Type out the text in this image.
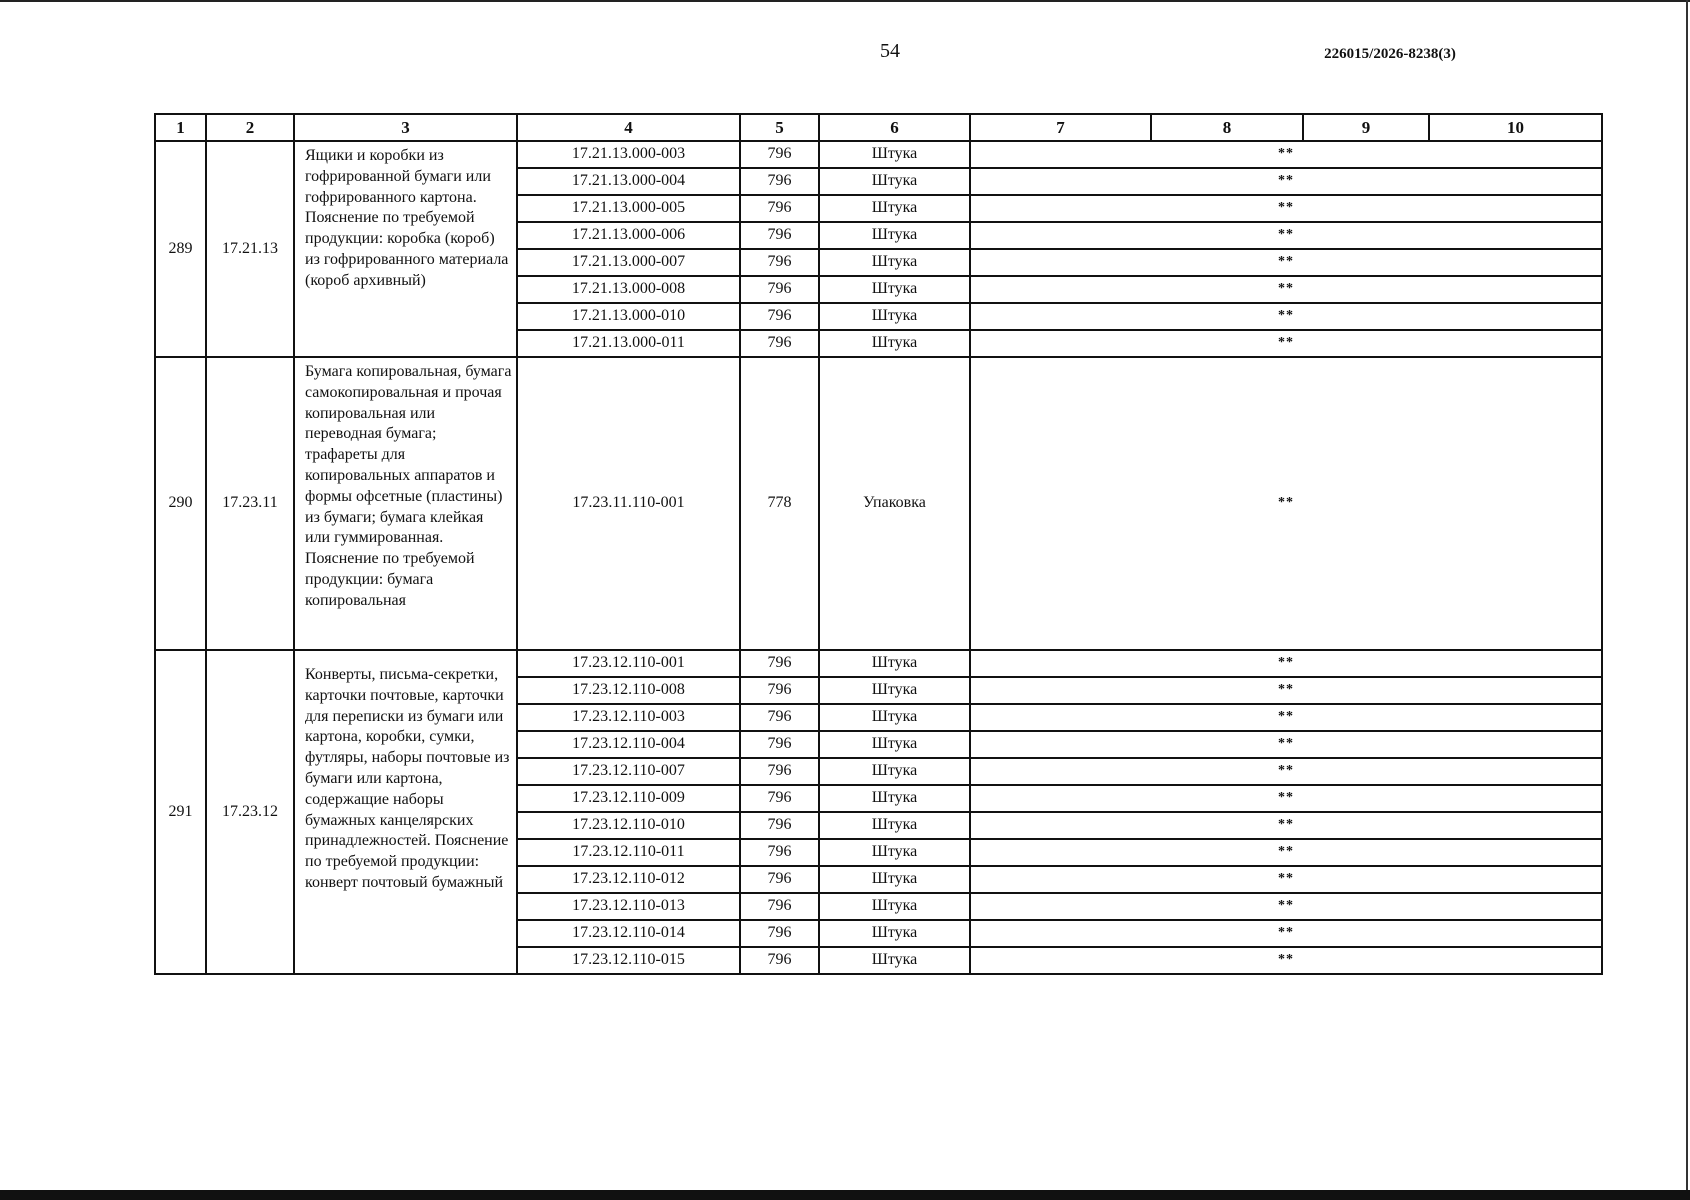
54	226015/2026-8238(3)
1	2	3	4	5	6	7	8	9	10
289	17.21.13	Ящики и коробки из гофрированной бумаги или гофрированного картона. Пояснение по требуемой продукции: коробка (короб) из гофрированного материала (короб архивный)	17.21.13.000-003	796	Штука	**			
			17.21.13.000-004	796	Штука	**			
			17.21.13.000-005	796	Штука	**			
			17.21.13.000-006	796	Штука	**			
			17.21.13.000-007	796	Штука	**			
			17.21.13.000-008	796	Штука	**			
			17.21.13.000-010	796	Штука	**			
			17.21.13.000-011	796	Штука	**			
290	17.23.11	Бумага копировальная, бумага самокопировальная и прочая копировальная или переводная бумага; трафареты для копировальных аппаратов и формы офсетные (пластины) из бумаги; бумага клейкая или гуммированная. Пояснение по требуемой продукции: бумага копировальная	17.23.11.110-001	778	Упаковка	**			
291	17.23.12	Конверты, письма-секретки, карточки почтовые, карточки для переписки из бумаги или картона, коробки, сумки, футляры, наборы почтовые из бумаги или картона, содержащие наборы бумажных канцелярских принадлежностей. Пояснение по требуемой продукции: конверт почтовый бумажный	17.23.12.110-001	796	Штука	**			
			17.23.12.110-008	796	Штука	**			
			17.23.12.110-003	796	Штука	**			
			17.23.12.110-004	796	Штука	**			
			17.23.12.110-007	796	Штука	**			
			17.23.12.110-009	796	Штука	**			
			17.23.12.110-010	796	Штука	**			
			17.23.12.110-011	796	Штука	**			
			17.23.12.110-012	796	Штука	**			
			17.23.12.110-013	796	Штука	**			
			17.23.12.110-014	796	Штука	**			
			17.23.12.110-015	796	Штука	**			
